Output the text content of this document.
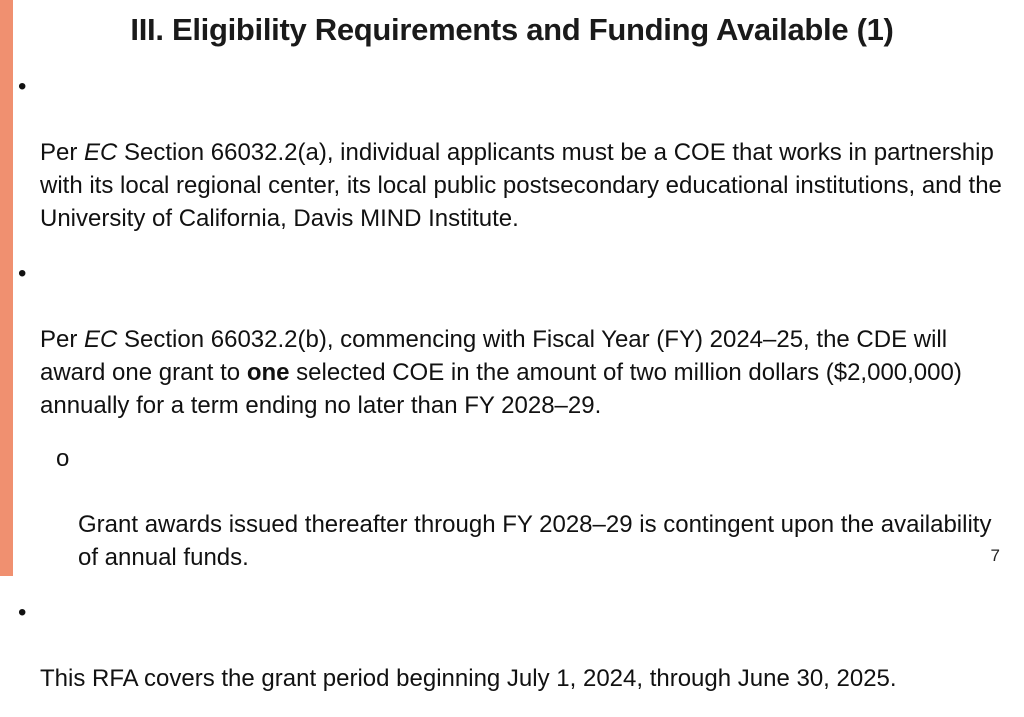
III. Eligibility Requirements and Funding Available (1)

•

Per EC Section 66032.2(a), individual applicants must be a COE that works in partnership with its local regional center, its local public postsecondary educational institutions, and the University of California, Davis MIND Institute.

•

Per EC Section 66032.2(b), commencing with Fiscal Year (FY) 2024–25, the CDE will award one grant to one selected COE in the amount of two million dollars ($2,000,000) annually for a term ending no later than FY 2028–29.

o

Grant awards issued thereafter through FY 2028–29 is contingent upon the availability of annual funds.

•

This RFA covers the grant period beginning July 1, 2024, through June 30, 2025.

7
